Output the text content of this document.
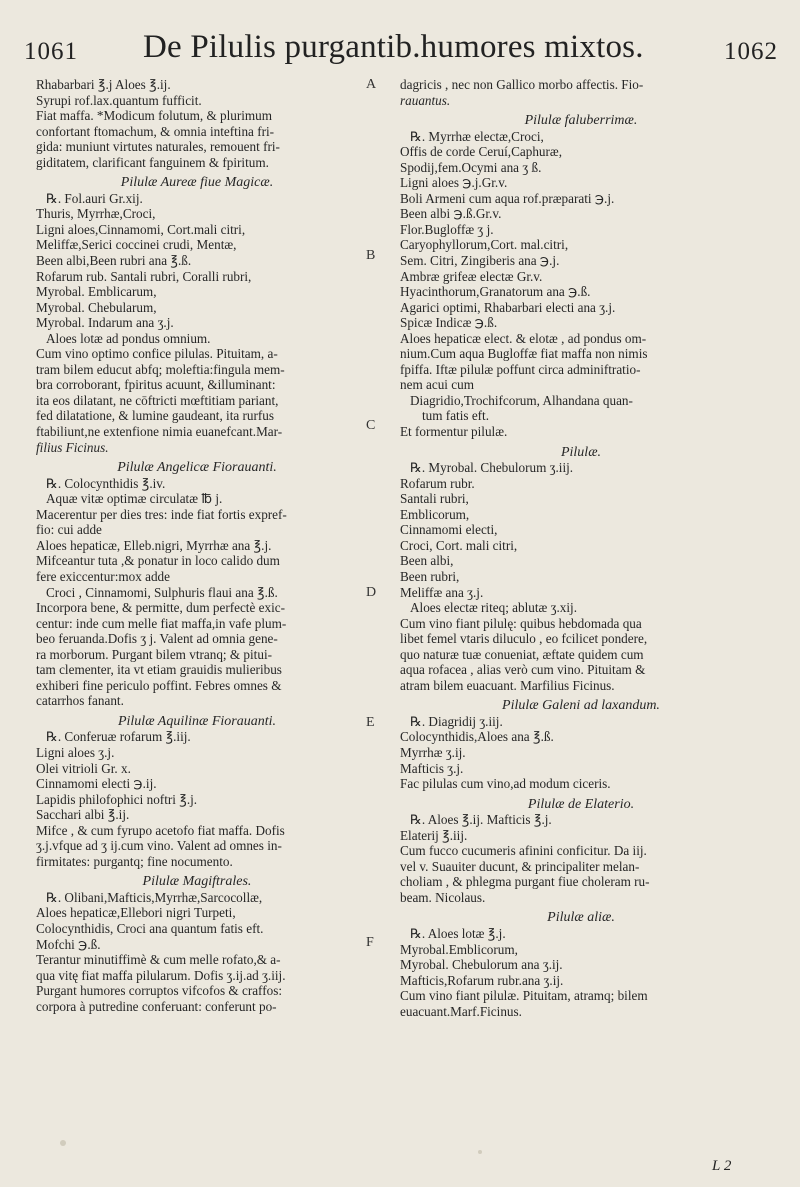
1061 De Pilulis purgantib.humores mixtos.	1062
Rhabarbari ℥.j Aloes ℥.ij.
Syrupi rof.lax.quantum fufficit.
Fiat maffa. *Modicum folutum, & plurimum
confortant ftomachum, & omnia inteftina fri-
gida: muniunt virtutes naturales, remouent fri-
giditatem, clarificant fanguinem & fpiritum.
Pilulæ Aureæ fiue Magicæ.
℞. Fol.auri Gr.xij.
Thuris, Myrrhæ,Croci,
Ligni aloes,Cinnamomi, Cort.mali citri,
Meliffæ,Serici coccinei crudi, Mentæ,
Been albi,Been rubri ana ℥.ß.
Rofarum rub. Santali rubri, Coralli rubri,
Myrobal. Emblicarum,
Myrobal. Chebularum,
Myrobal. Indarum ana ʒ.j.
Aloes lotæ ad pondus omnium.
Cum vino optimo confice pilulas. Pituitam, a-
tram bilem educut abfq; moleftia:fingula mem-
bra corroborant, fpiritus acuunt, &illuminant:
ita eos dilatant, ne cōftricti mœftitiam pariant,
fed dilatatione, & lumine gaudeant, ita rurfus
ftabiliunt,ne extenfione nimia euanefcant.Mar-
filius Ficinus.
Pilulæ Angelicæ Fiorauanti.
℞. Colocynthidis ℥.iv.
Aquæ vitæ optimæ circulatæ ℔ j.
Macerentur per dies tres: inde fiat fortis expref-
fio: cui adde
Aloes hepaticæ, Elleb.nigri, Myrrhæ ana ℥.j.
Mifceantur tuta ,& ponatur in loco calido dum
fere exiccentur:mox adde
Croci , Cinnamomi, Sulphuris flaui ana ℥.ß.
Incorpora bene, & permitte, dum perfectè exic-
centur: inde cum melle fiat maffa,in vafe plum-
beo feruanda.Dofis ʒ j. Valent ad omnia gene-
ra morborum. Purgant bilem vtranq; & pitui-
tam clementer, ita vt etiam grauidis mulieribus
exhiberi fine periculo poffint. Febres omnes &
catarrhos fanant.
Pilulæ Aquilinæ Fiorauanti.
℞. Conferuæ rofarum ℥.iij.
Ligni aloes ʒ.j.
Olei vitrioli Gr. x.
Cinnamomi electi ℈.ij.
Lapidis philofophici noftri ℥.j.
Sacchari albi ℥.ij.
Mifce , & cum fyrupo acetofo fiat maffa. Dofis
ʒ.j.vfque ad ʒ ij.cum vino. Valent ad omnes in-
firmitates: purgantq; fine nocumento.
Pilulæ Magiftrales.
℞. Olibani,Mafticis,Myrrhæ,Sarcocollæ,
Aloes hepaticæ,Ellebori nigri Turpeti,
Colocynthidis, Croci ana quantum fatis eft.
Mofchi ℈.ß.
Terantur minutiffimè & cum melle rofato,& a-
qua vitę fiat maffa pilularum. Dofis ʒ.ij.ad ʒ.iij.
Purgant humores corruptos vifcofos & craffos:
corpora à putredine conferuant: conferunt po-
dagricis , nec non Gallico morbo affectis. Fio-
rauantus.
Pilulæ faluberrimæ.
℞. Myrrhæ electæ,Croci,
Offis de corde Ceruí,Caphuræ,
Spodij,fem.Ocymi ana ʒ ß.
Ligni aloes ℈.j.Gr.v.
Boli Armeni cum aqua rof.præparati ℈.j.
Been albi ℈.ß.Gr.v.
Flor.Bugloffæ ʒ j.
Caryophyllorum,Cort. mal.citri,
Sem. Citri, Zingiberis ana ℈.j.
Ambræ grifeæ electæ Gr.v.
Hyacinthorum,Granatorum ana ℈.ß.
Agarici optimi, Rhabarbari electi ana ʒ.j.
Spicæ Indicæ ℈.ß.
Aloes hepaticæ elect. & elotæ , ad pondus om-
nium.Cum aqua Bugloffæ fiat maffa non nimis
fpiffa. Iftæ pilulæ poffunt circa adminiftratio-
nem acui cum
Diagridio,Trochifcorum, Alhandana quan-
tum fatis eft.
Et formentur pilulæ.
Pilulæ.
℞. Myrobal. Chebulorum ʒ.iij.
Rofarum rubr.
Santali rubri,
Emblicorum,
Cinnamomi electi,
Croci, Cort. mali citri,
Been albi,
Been rubri,
Meliffæ ana ʒ.j.
Aloes electæ riteq; ablutæ ʒ.xij.
Cum vino fiant pilulę: quibus hebdomada qua
libet femel vtaris diluculo , eo fcilicet pondere,
quo naturæ tuæ conueniat, æftate quidem cum
aqua rofacea , alias verò cum vino. Pituitam &
atram bilem euacuant. Marfilius Ficinus.
Pilulæ Galeni ad laxandum.
℞. Diagridij ʒ.iij.
Colocynthidis,Aloes ana ℥.ß.
Myrrhæ ʒ.ij.
Mafticis ʒ.j.
Fac pilulas cum vino,ad modum ciceris.
Pilulæ de Elaterio.
℞. Aloes ℥.ij. Mafticis ℥.j.
Elaterij ℥.iij.
Cum fucco cucumeris afinini conficitur. Da iij.
vel v. Suauiter ducunt, & principaliter melan-
choliam , & phlegma purgant fiue choleram ru-
beam. Nicolaus.
Pilulæ aliæ.
℞. Aloes lotæ ℥.j.
Myrobal.Emblicorum,
Myrobal. Chebulorum ana ʒ.ij.
Mafticis,Rofarum rubr.ana ʒ.ij.
Cum vino fiant pilulæ. Pituitam, atramq; bilem
euacuant.Marf.Ficinus.
A
B
C
D
E
F
L 2
